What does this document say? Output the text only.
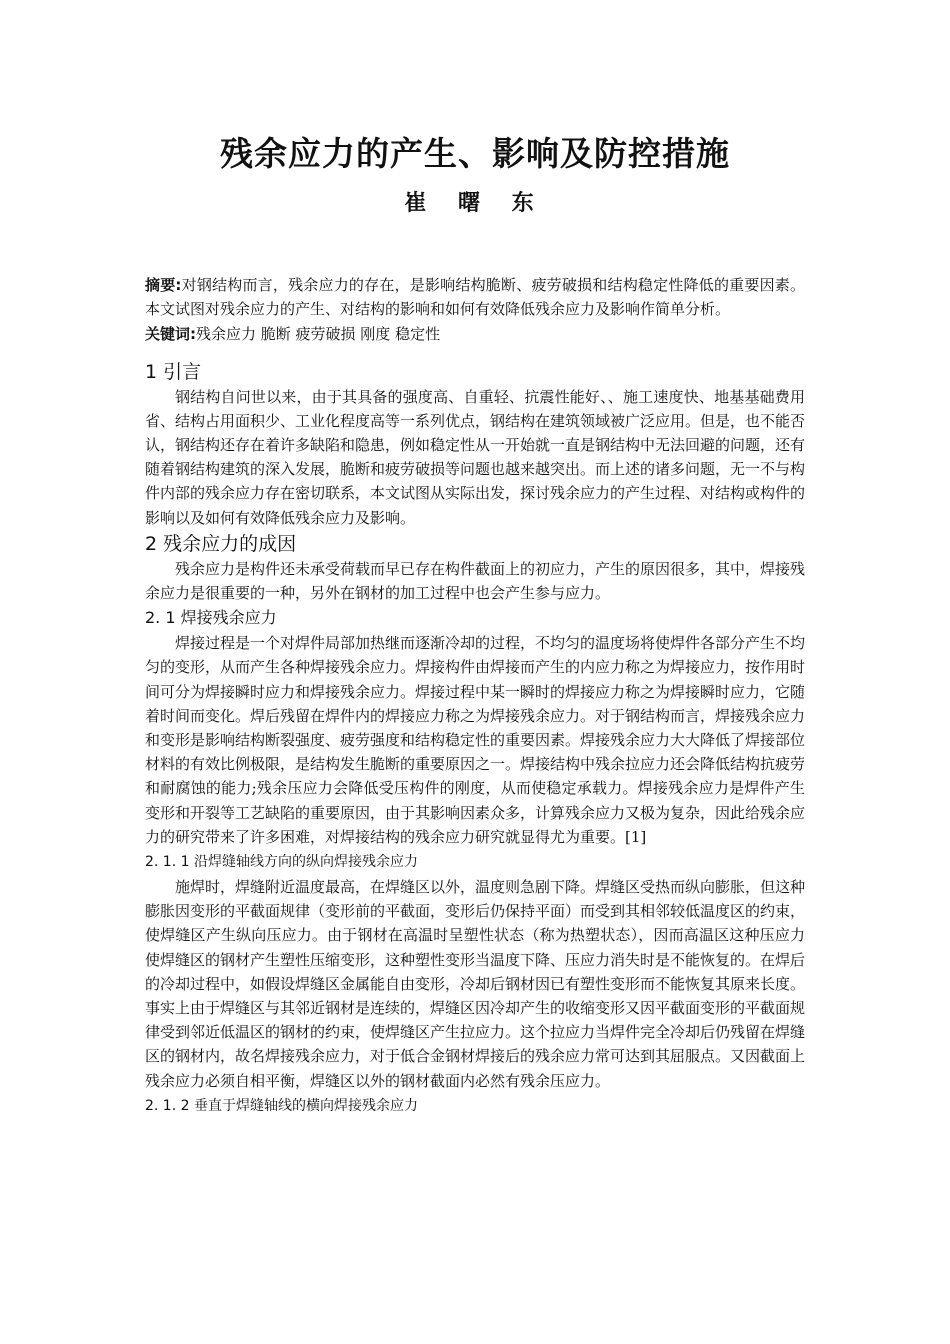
残余应力的产生、影响及防控措施
崔 曙 东

摘要:对钢结构而言，残余应力的存在，是影响结构脆断、疲劳破损和结构稳定性降低的重要因素。本文试图对残余应力的产生、对结构的影响和如何有效降低残余应力及影响作简单分析。

关键词:残余应力 脆断 疲劳破损 刚度 稳定性

1 引言

钢结构自问世以来，由于其具备的强度高、自重轻、抗震性能好、、施工速度快、地基基础费用省、结构占用面积少、工业化程度高等一系列优点，钢结构在建筑领域被广泛应用。但是，也不能否认，钢结构还存在着许多缺陷和隐患，例如稳定性从一开始就一直是钢结构中无法回避的问题，还有随着钢结构建筑的深入发展，脆断和疲劳破损等问题也越来越突出。而上述的诸多问题，无一不与构件内部的残余应力存在密切联系，本文试图从实际出发，探讨残余应力的产生过程、对结构或构件的影响以及如何有效降低残余应力及影响。

2 残余应力的成因

残余应力是构件还未承受荷载而早已存在构件截面上的初应力，产生的原因很多，其中，焊接残余应力是很重要的一种，另外在钢材的加工过程中也会产生参与应力。

2. 1 焊接残余应力

焊接过程是一个对焊件局部加热继而逐渐冷却的过程，不均匀的温度场将使焊件各部分产生不均匀的变形，从而产生各种焊接残余应力。焊接构件由焊接而产生的内应力称之为焊接应力，按作用时间可分为焊接瞬时应力和焊接残余应力。焊接过程中某一瞬时的焊接应力称之为焊接瞬时应力，它随着时间而变化。焊后残留在焊件内的焊接应力称之为焊接残余应力。对于钢结构而言，焊接残余应力和变形是影响结构断裂强度、疲劳强度和结构稳定性的重要因素。焊接残余应力大大降低了焊接部位材料的有效比例极限，是结构发生脆断的重要原因之一。焊接结构中残余拉应力还会降低结构抗疲劳和耐腐蚀的能力;残余压应力会降低受压构件的刚度，从而使稳定承载力。焊接残余应力是焊件产生变形和开裂等工艺缺陷的重要原因，由于其影响因素众多，计算残余应力又极为复杂，因此给残余应力的研究带来了许多困难，对焊接结构的残余应力研究就显得尤为重要。[1]

2. 1. 1 沿焊缝轴线方向的纵向焊接残余应力

施焊时，焊缝附近温度最高，在焊缝区以外，温度则急剧下降。焊缝区受热而纵向膨胀，但这种膨胀因变形的平截面规律（变形前的平截面，变形后仍保持平面）而受到其相邻较低温度区的约束，使焊缝区产生纵向压应力。由于钢材在高温时呈塑性状态（称为热塑状态），因而高温区这种压应力使焊缝区的钢材产生塑性压缩变形，这种塑性变形当温度下降、压应力消失时是不能恢复的。在焊后的冷却过程中，如假设焊缝区金属能自由变形，冷却后钢材因已有塑性变形而不能恢复其原来长度。事实上由于焊缝区与其邻近钢材是连续的，焊缝区因冷却产生的收缩变形又因平截面变形的平截面规律受到邻近低温区的钢材的约束，使焊缝区产生拉应力。这个拉应力当焊件完全冷却后仍残留在焊缝区的钢材内，故名焊接残余应力，对于低合金钢材焊接后的残余应力常可达到其屈服点。又因截面上残余应力必须自相平衡，焊缝区以外的钢材截面内必然有残余压应力。

2. 1. 2 垂直于焊缝轴线的横向焊接残余应力
